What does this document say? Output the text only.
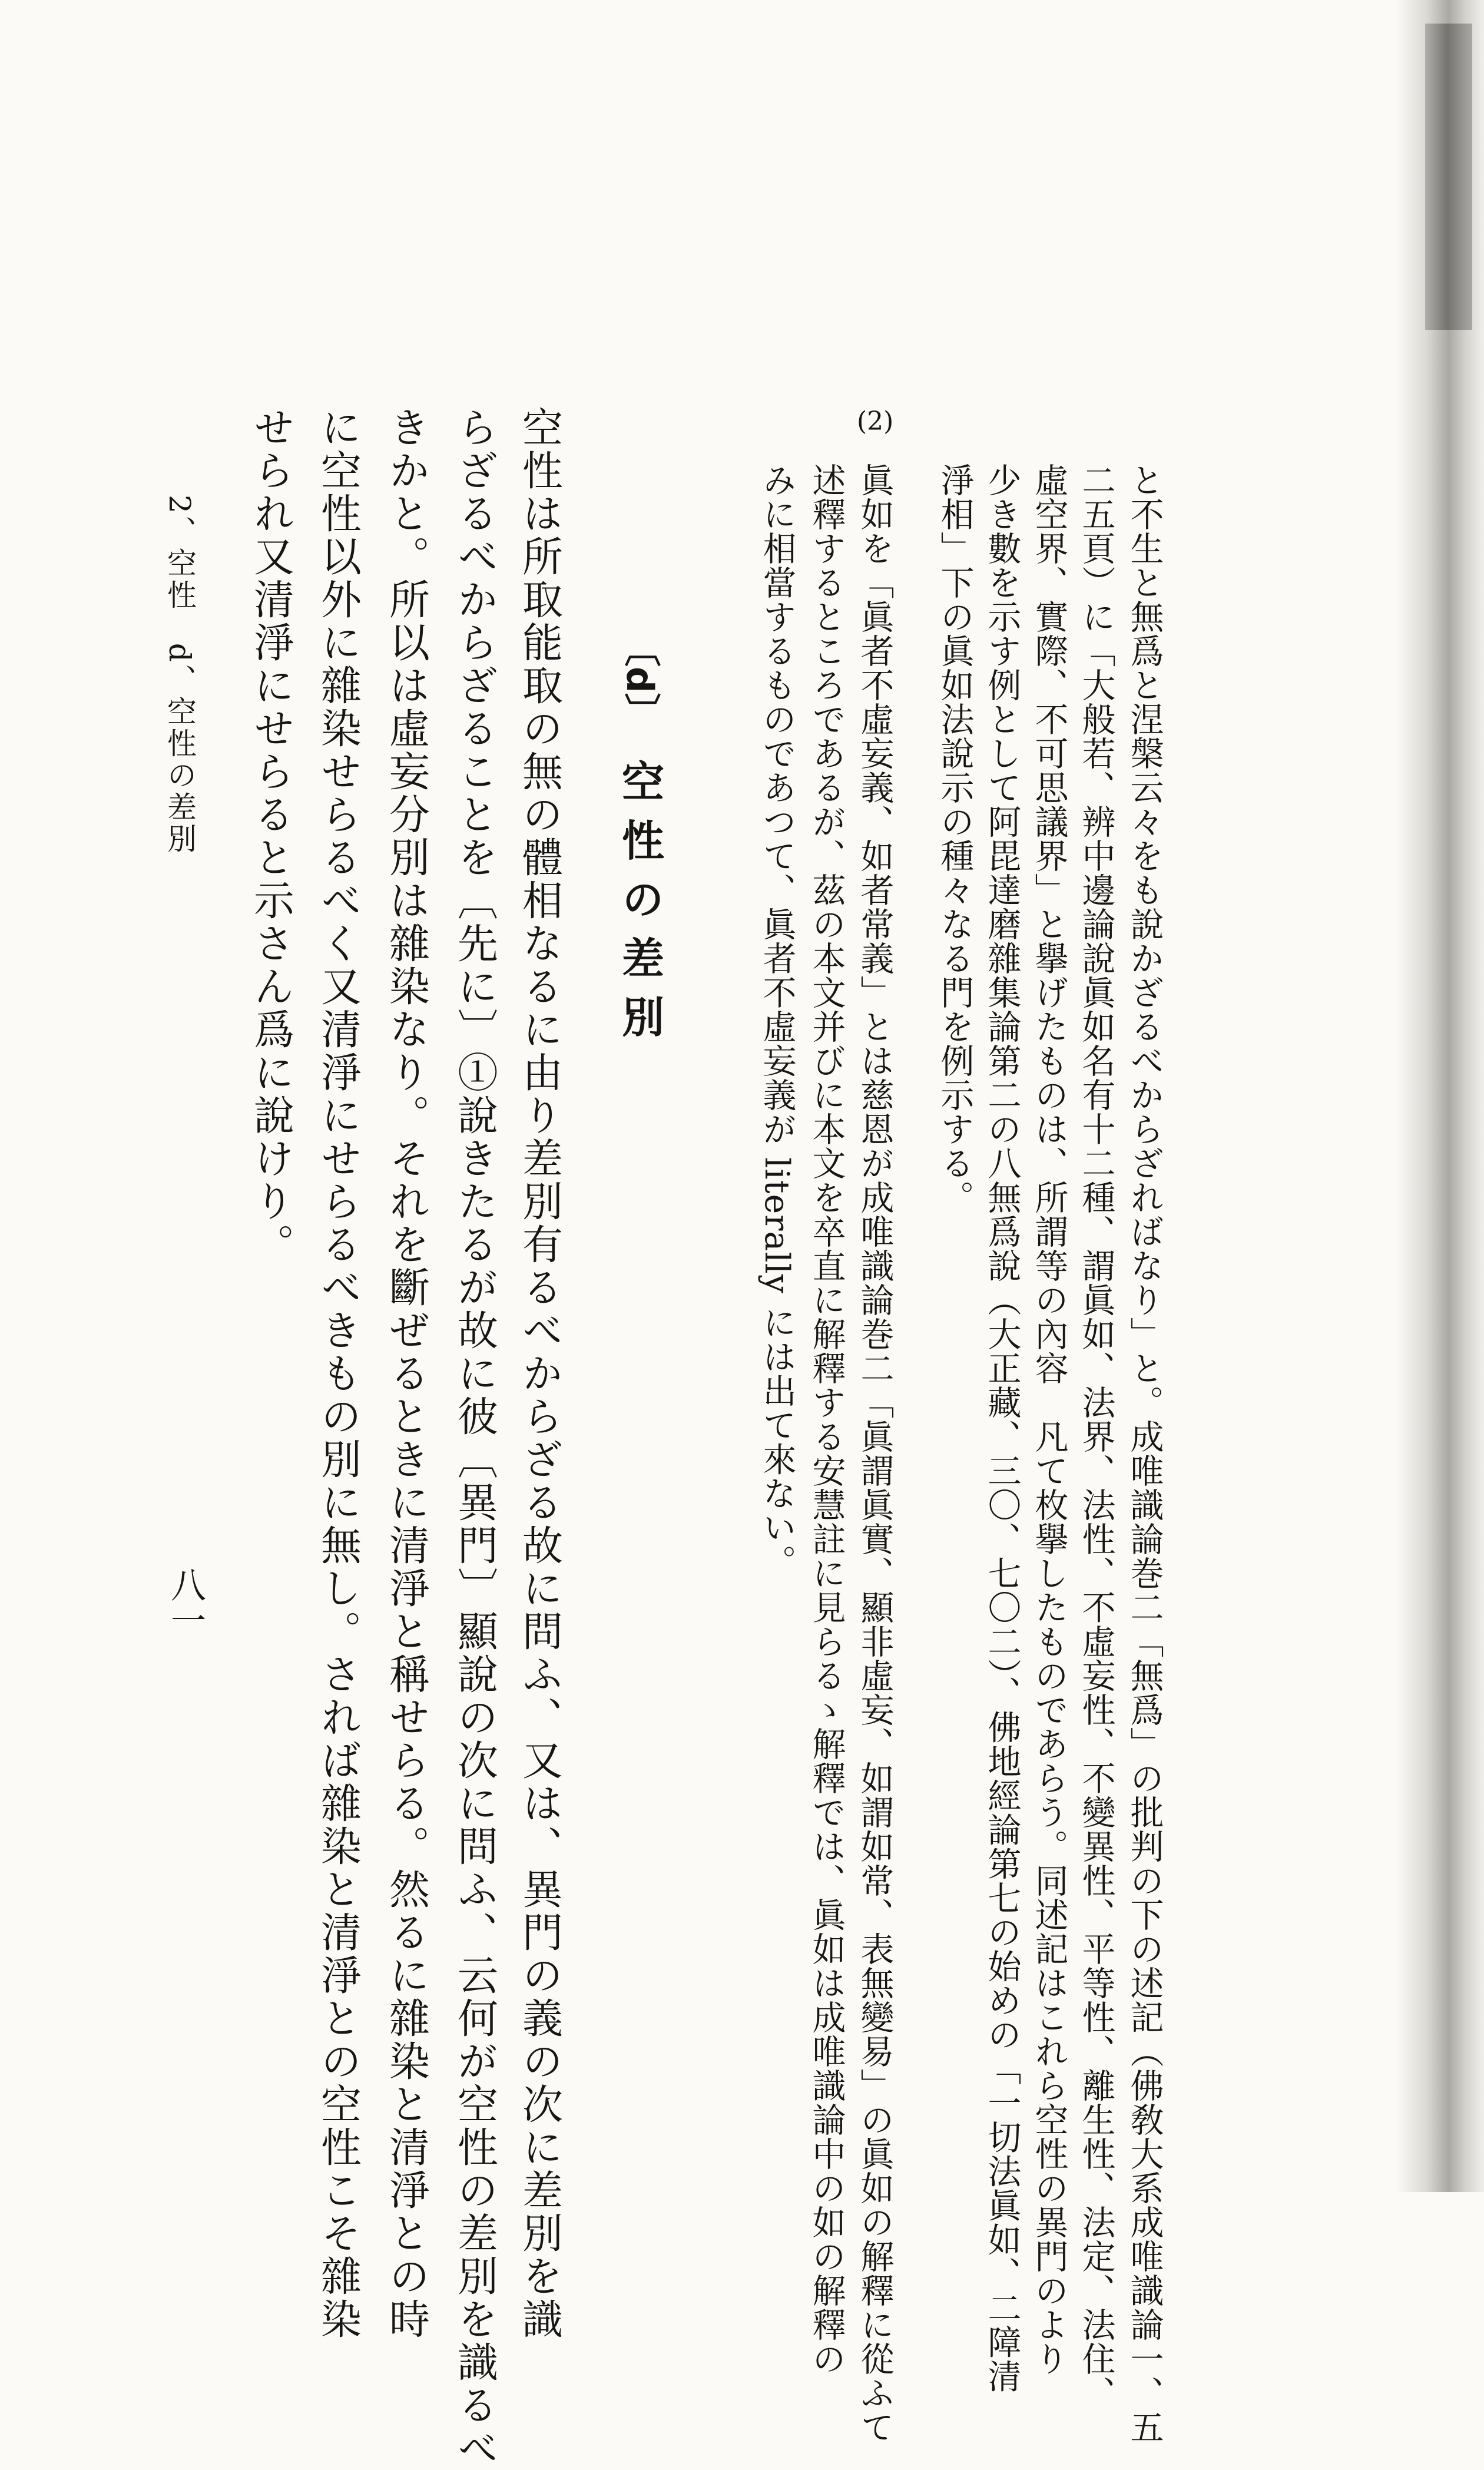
と不生と無爲と涅槃云々をも說かざるべからざればなり」と。成唯識論巻二「無爲」の批判の下の述記（佛敎大系成唯識論一、五
二五頁）に「大般若、辨中邊論說眞如名有十二種、謂眞如、法界、法性、不虛妄性、不變異性、平等性、離生性、法定、法住、
虛空界、實際、不可思議界」と擧げたものは、所謂等の內容　凡て枚擧したものであらう。同述記はこれら空性の異門のより
少き數を示す例として阿毘達磨雜集論第二の八無爲說（大正藏、三〇、七〇二）、佛地經論第七の始めの「一切法眞如、二障清
淨相」下の眞如法說示の種々なる門を例示する。
(2)
眞如を「眞者不虛妄義、如者常義」とは慈恩が成唯識論巻二「眞謂眞實、顯非虛妄、如謂如常、表無變易」の眞如の解釋に從ふて
述釋するところであるが、茲の本文并びに本文を卒直に解釋する安慧註に見らるゝ解釋では、眞如は成唯識論中の如の解釋の
みに相當するものであつて、眞者不虛妄義が literally には出て來ない。
〔d〕  空性の差別
空性は所取能取の無の體相なるに由り差別有るべからざる故に問ふ、又は、異門の義の次に差別を識
らざるべからざることを〔先に〕①說きたるが故に彼〔異門〕顯說の次に問ふ、云何が空性の差別を識るべ
きかと。所以は虛妄分別は雜染なり。それを斷ぜるときに清淨と稱せらる。然るに雜染と清淨との時
に空性以外に雜染せらるべく又清淨にせらるべきもの別に無し。されば雜染と清淨との空性こそ雜染
せられ又清淨にせらると示さん爲に說けり。
2、空性　d、空性の差別
八一
